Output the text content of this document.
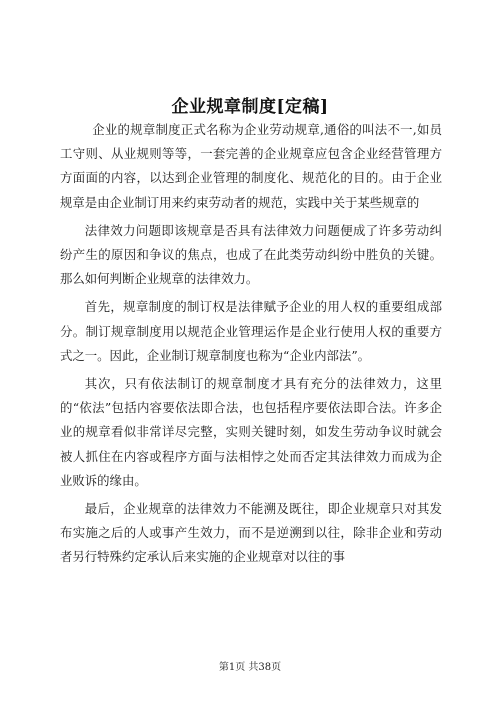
企业规章制度[定稿]

企业的规章制度正式名称为企业劳动规章,通俗的叫法不一,如员工守则、从业规则等等，一套完善的企业规章应包含企业经营管理方方面面的内容，以达到企业管理的制度化、规范化的目的。由于企业规章是由企业制订用来约束劳动者的规范，实践中关于某些规章的

法律效力问题即该规章是否具有法律效力问题便成了许多劳动纠纷产生的原因和争议的焦点，也成了在此类劳动纠纷中胜负的关键。那么如何判断企业规章的法律效力。

首先，规章制度的制订权是法律赋予企业的用人权的重要组成部分。制订规章制度用以规范企业管理运作是企业行使用人权的重要方式之一。因此，企业制订规章制度也称为“企业内部法”。

其次，只有依法制订的规章制度才具有充分的法律效力，这里的“依法”包括内容要依法即合法，也包括程序要依法即合法。许多企业的规章看似非常详尽完整，实则关键时刻，如发生劳动争议时就会被人抓住在内容或程序方面与法相悖之处而否定其法律效力而成为企业败诉的缘由。

最后，企业规章的法律效力不能溯及既往，即企业规章只对其发布实施之后的人或事产生效力，而不是逆溯到以往，除非企业和劳动者另行特殊约定承认后来实施的企业规章对以往的事

第1页 共38页
